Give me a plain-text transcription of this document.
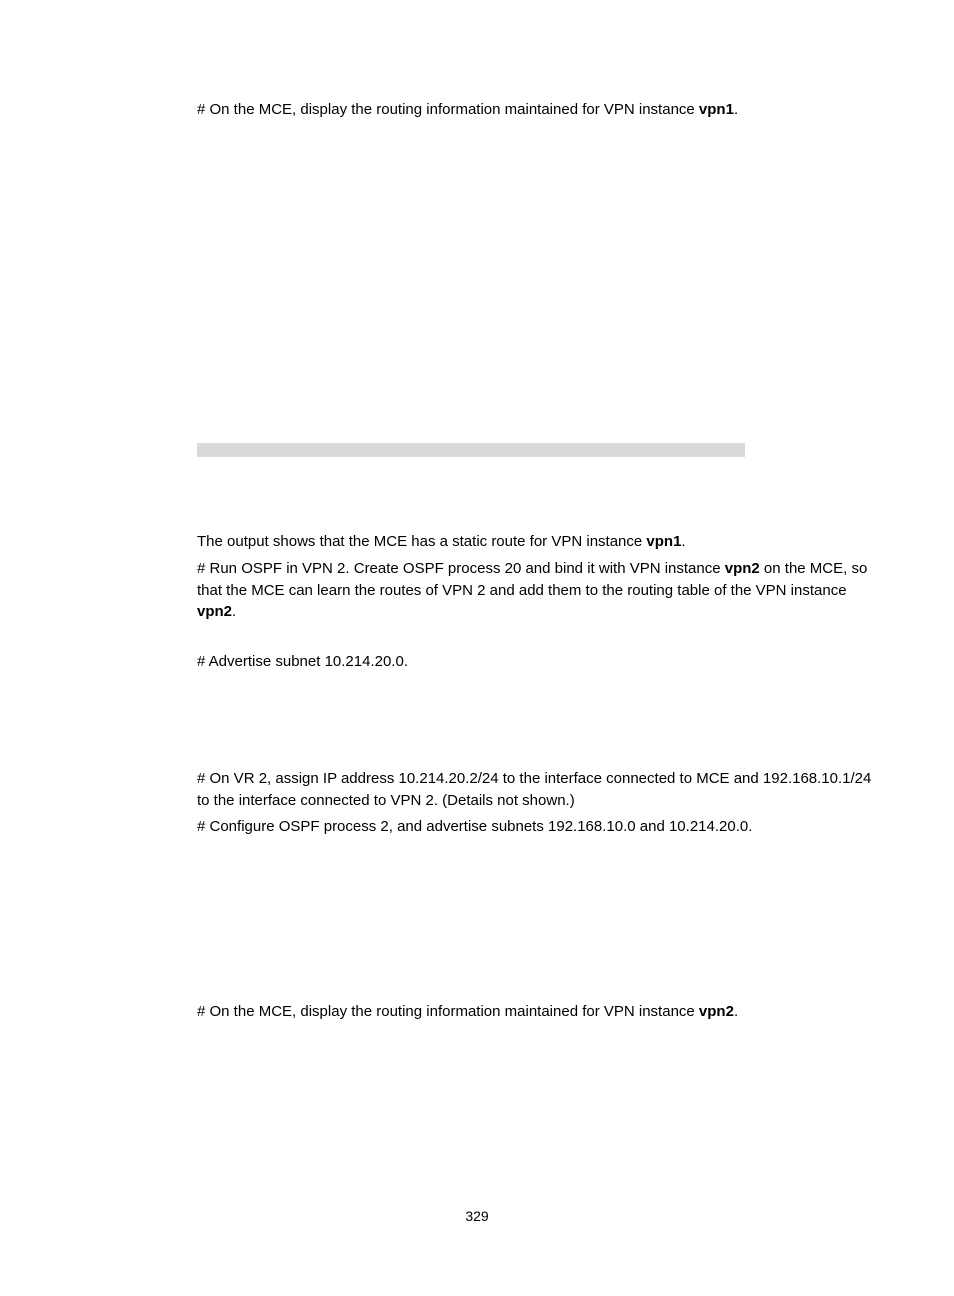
# On the MCE, display the routing information maintained for VPN instance vpn1.

The output shows that the MCE has a static route for VPN instance vpn1.

# Run OSPF in VPN 2. Create OSPF process 20 and bind it with VPN instance vpn2 on the MCE, so that the MCE can learn the routes of VPN 2 and add them to the routing table of the VPN instance vpn2.

# Advertise subnet 10.214.20.0.

# On VR 2, assign IP address 10.214.20.2/24 to the interface connected to MCE and 192.168.10.1/24 to the interface connected to VPN 2. (Details not shown.)

# Configure OSPF process 2, and advertise subnets 192.168.10.0 and 10.214.20.0.

# On the MCE, display the routing information maintained for VPN instance vpn2.

329
